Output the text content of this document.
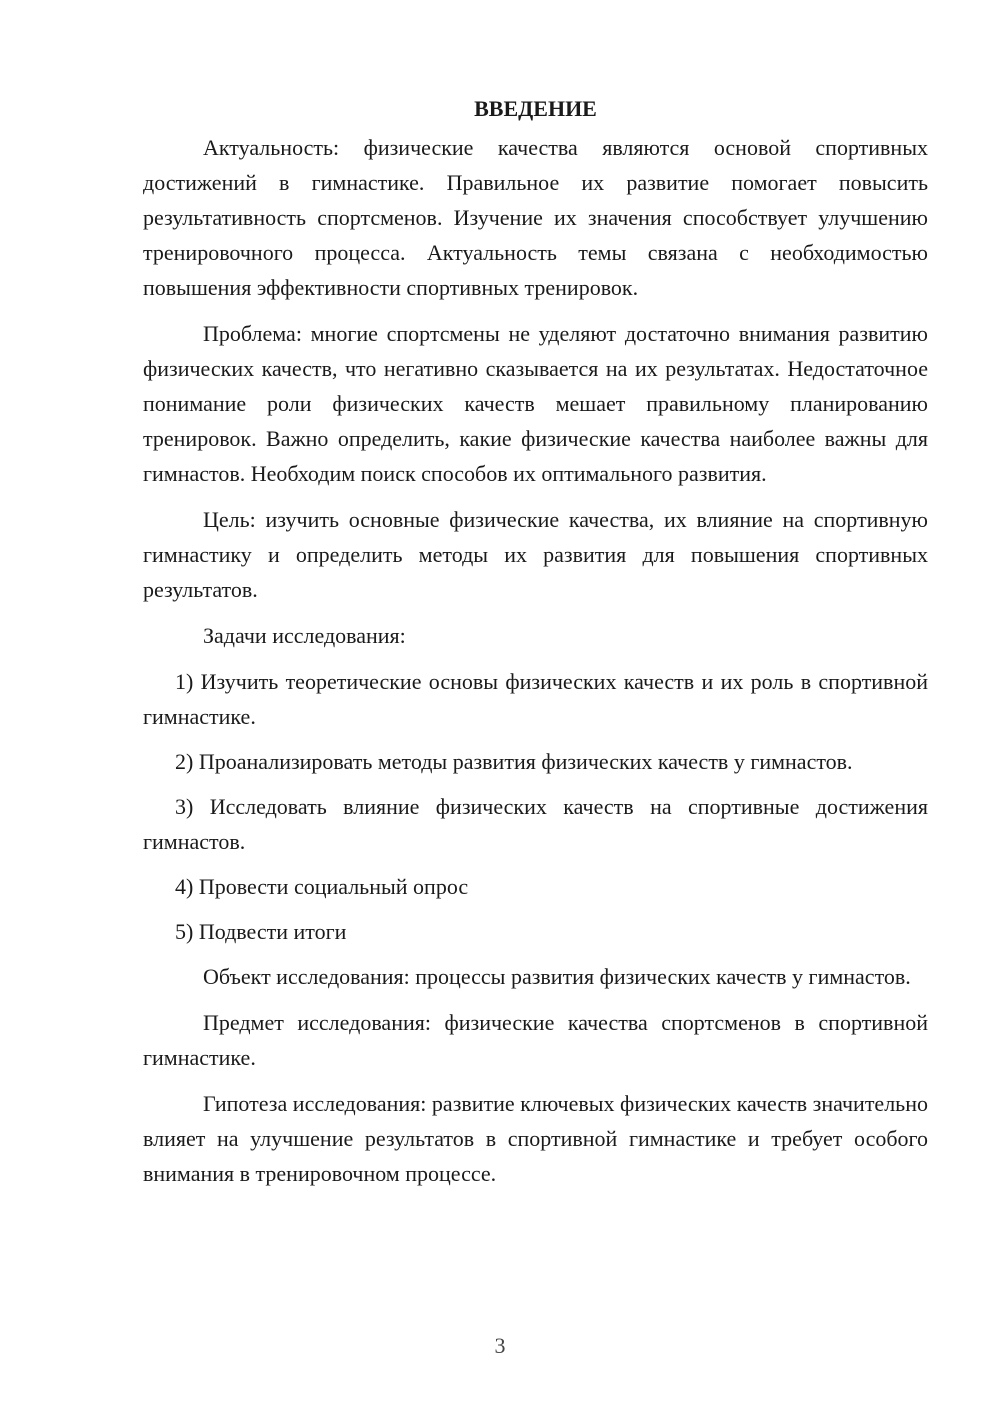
ВВЕДЕНИЕ

Актуальность: физические качества являются основой спортивных достижений в гимнастике. Правильное их развитие помогает повысить результативность спортсменов. Изучение их значения способствует улучшению тренировочного процесса. Актуальность темы связана с необходимостью повышения эффективности спортивных тренировок.

Проблема: многие спортсмены не уделяют достаточно внимания развитию физических качеств, что негативно сказывается на их результатах. Недостаточное понимание роли физических качеств мешает правильному планированию тренировок. Важно определить, какие физические качества наиболее важны для гимнастов. Необходим поиск способов их оптимального развития.

Цель: изучить основные физические качества, их влияние на спортивную гимнастику и определить методы их развития для повышения спортивных результатов.

Задачи исследования:

1) Изучить теоретические основы физических качеств и их роль в спортивной гимнастике.

2) Проанализировать методы развития физических качеств у гимнастов.

3) Исследовать влияние физических качеств на спортивные достижения гимнастов.

4) Провести социальный опрос

5) Подвести итоги

Объект исследования: процессы развития физических качеств у гимнастов.

Предмет исследования: физические качества спортсменов в спортивной гимнастике.

Гипотеза исследования: развитие ключевых физических качеств значительно влияет на улучшение результатов в спортивной гимнастике и требует особого внимания в тренировочном процессе.

3
